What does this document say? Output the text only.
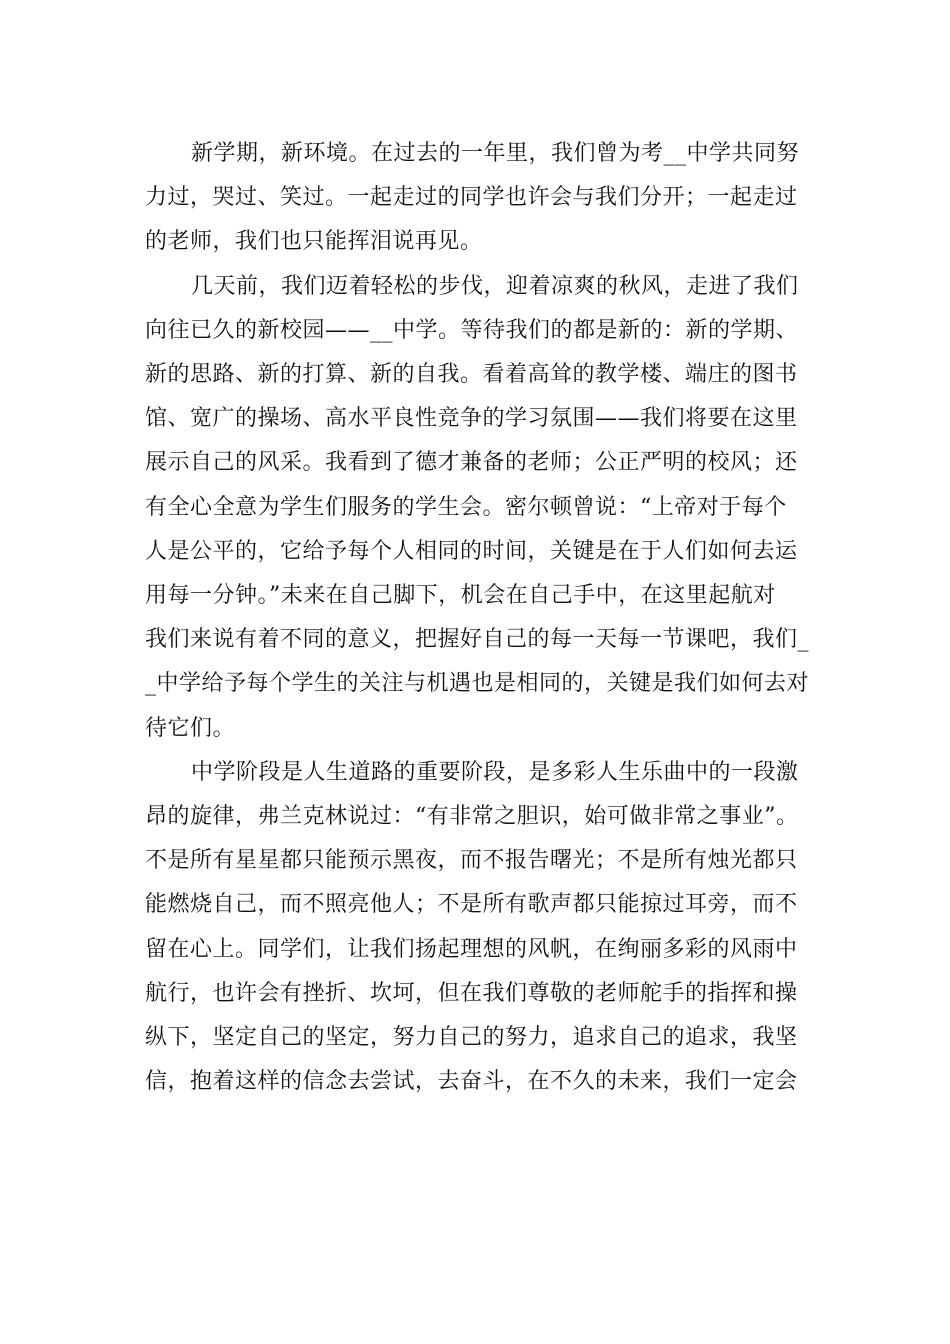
新学期，新环境。在过去的一年里，我们曾为考__中学共同努
力过，哭过、笑过。一起走过的同学也许会与我们分开；一起走过
的老师，我们也只能挥泪说再见。

几天前，我们迈着轻松的步伐，迎着凉爽的秋风，走进了我们
向往已久的新校园——__中学。等待我们的都是新的：新的学期、
新的思路、新的打算、新的自我。看着高耸的教学楼、端庄的图书
馆、宽广的操场、高水平良性竞争的学习氛围——我们将要在这里
展示自己的风采。我看到了德才兼备的老师；公正严明的校风；还
有全心全意为学生们服务的学生会。密尔顿曾说：“上帝对于每个
人是公平的，它给予每个人相同的时间，关键是在于人们如何去运
用每一分钟。”未来在自己脚下，机会在自己手中，在这里起航对
我们来说有着不同的意义，把握好自己的每一天每一节课吧，我们_
_中学给予每个学生的关注与机遇也是相同的，关键是我们如何去对
待它们。

中学阶段是人生道路的重要阶段，是多彩人生乐曲中的一段激
昂的旋律，弗兰克林说过：“有非常之胆识，始可做非常之事业”。
不是所有星星都只能预示黑夜，而不报告曙光；不是所有烛光都只
能燃烧自己，而不照亮他人；不是所有歌声都只能掠过耳旁，而不
留在心上。同学们，让我们扬起理想的风帆，在绚丽多彩的风雨中
航行，也许会有挫折、坎坷，但在我们尊敬的老师舵手的指挥和操
纵下，坚定自己的坚定，努力自己的努力，追求自己的追求，我坚
信，抱着这样的信念去尝试，去奋斗，在不久的未来，我们一定会
